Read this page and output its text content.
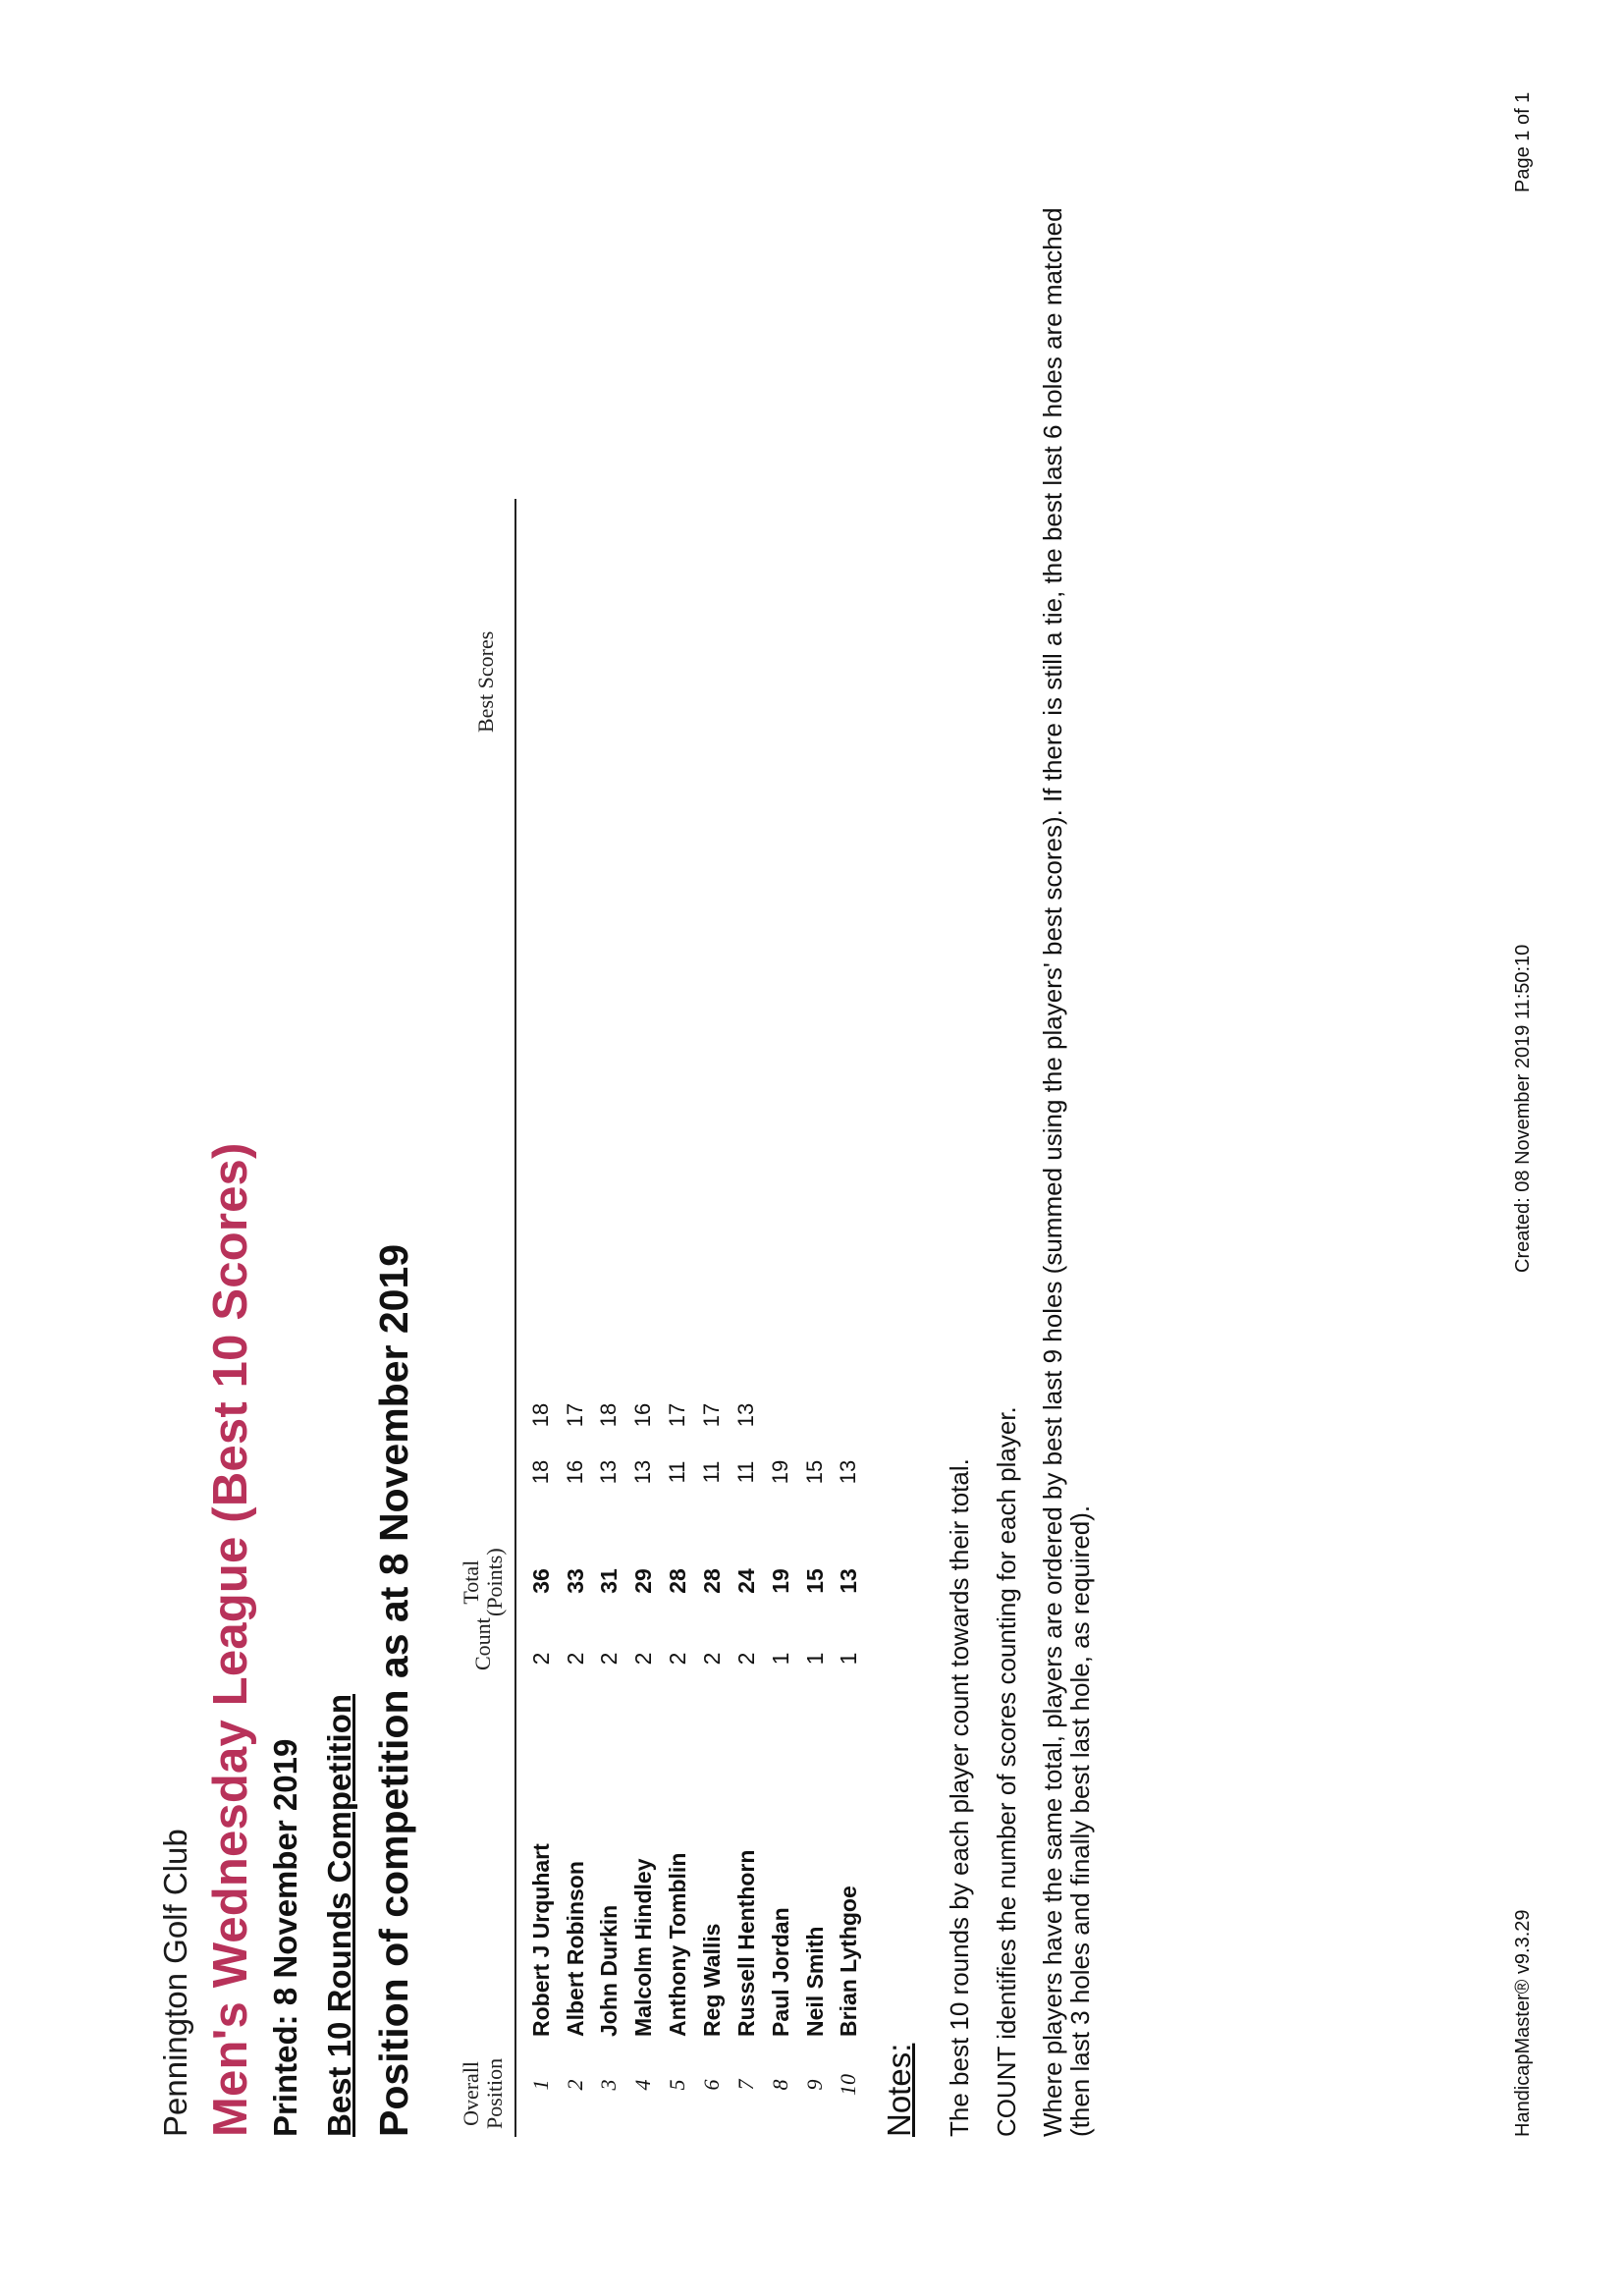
Pennington Golf Club Men's Wednesday League (Best 10 Scores) Printed: 8 November 2019 Best 10 Rounds Competition Position of competition as at 8 November 2019 Overall Position
Count
Total (Points)
Best Scores
1
Robert J Urquhart
2
36
18
18
2
Albert Robinson
2
33
16
17
3
John Durkin
2
31
13
18
4
Malcolm Hindley
2
29
13
16
5
Anthony Tomblin
2
28
11
17
6
Reg Wallis
2
28
11
17
7
Russell Henthorn
2
24
11
13
8
Paul Jordan
1
19
19
9
Neil Smith
1
15
15
10
Brian Lythgoe
1
13
13
Notes: The best 10 rounds by each player count towards their total. COUNT identifies the number of scores counting for each player. Where players have the same total, players are ordered by best last 9 holes (summed using the players' best scores). If there is still a tie, the best last 6 holes are matched (then last 3 holes and finally best last hole, as required).	HandicapMaster® v9.3.29
Created: 08 November 2019 11:50:10
Page 1 of 1
